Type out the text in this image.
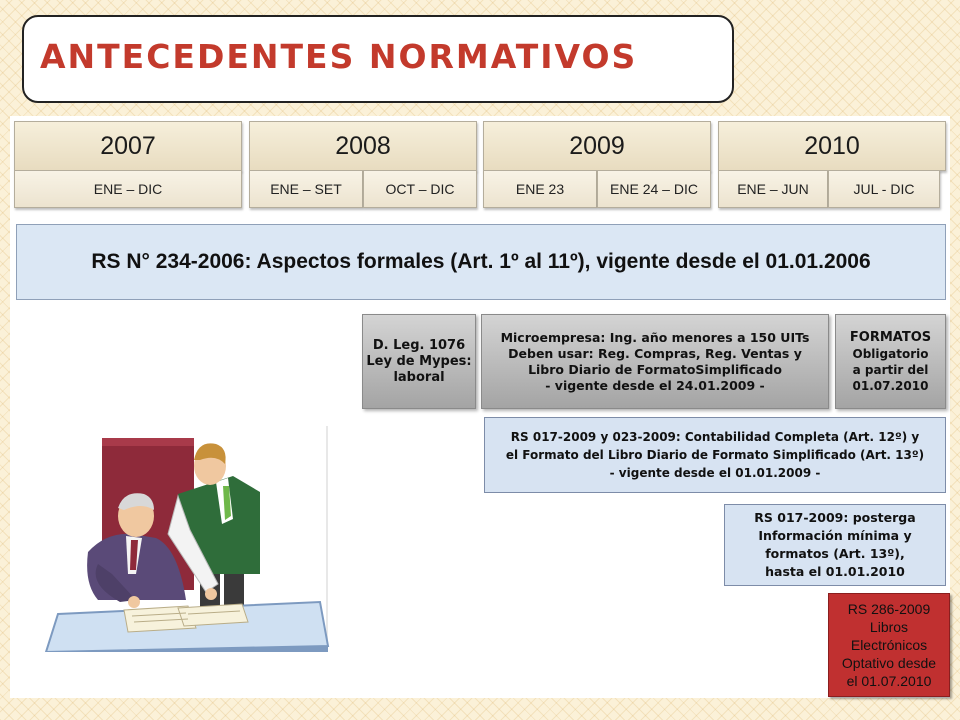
ANTECEDENTES NORMATIVOS
2007	2008	2009	2010
ENE – DIC	ENE – SET	OCT – DIC	ENE 23	ENE 24 – DIC	ENE – JUN	JUL - DIC
RS N° 234-2006: Aspectos formales (Art. 1º al 11º), vigente desde el 01.01.2006
D. Leg. 1076
Ley de Mypes:
laboral
Microempresa: Ing. año menores a 150 UITs
Deben usar: Reg. Compras, Reg. Ventas y
Libro Diario de FormatoSimplificado
- vigente desde el 24.01.2009 -
FORMATOS
Obligatorio
a partir del
01.07.2010
RS 017-2009 y 023-2009: Contabilidad Completa (Art. 12º) y
el Formato del Libro Diario de Formato Simplificado (Art. 13º)
- vigente desde el 01.01.2009 -
RS 017-2009: posterga
Información mínima y
formatos (Art. 13º),
hasta el 01.01.2010
RS 286-2009
Libros
Electrónicos
Optativo desde
el 01.07.2010
